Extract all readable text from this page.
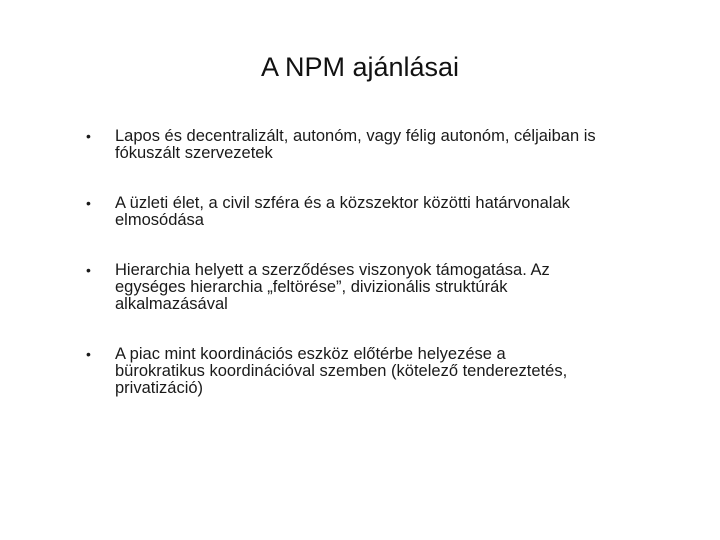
A NPM ajánlásai
•	Lapos és decentralizált, autonóm, vagy félig autonóm, céljaiban is
fókuszált szervezetek
•	A üzleti élet, a civil szféra és a közszektor közötti határvonalak
elmosódása
•	Hierarchia helyett a szerződéses viszonyok támogatása. Az
egységes hierarchia „feltörése”, divizionális struktúrák
alkalmazásával
•	A piac mint koordinációs eszköz előtérbe helyezése a
bürokratikus koordinációval szemben (kötelező tendereztetés,
privatizáció)
